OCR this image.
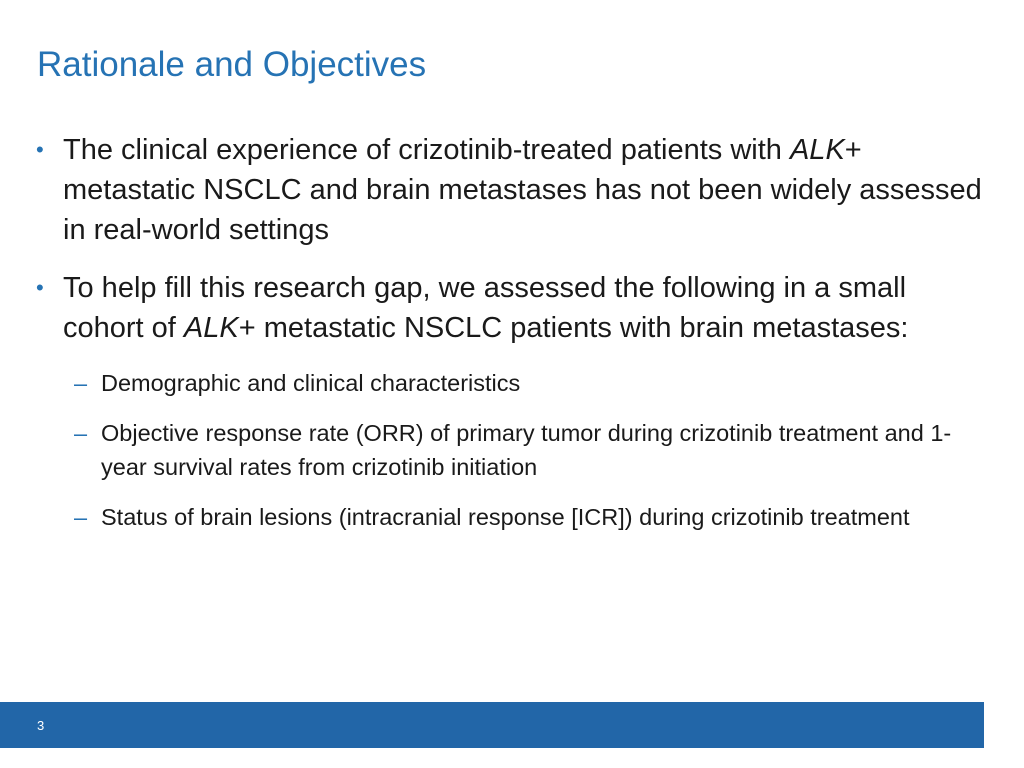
Rationale and Objectives
• The clinical experience of crizotinib-treated patients with ALK+ metastatic NSCLC and brain metastases has not been widely assessed in real-world settings
• To help fill this research gap, we assessed the following in a small cohort of ALK+ metastatic NSCLC patients with brain metastases:
– Demographic and clinical characteristics
– Objective response rate (ORR) of primary tumor during crizotinib treatment and 1-year survival rates from crizotinib initiation
– Status of brain lesions (intracranial response [ICR]) during crizotinib treatment
3
